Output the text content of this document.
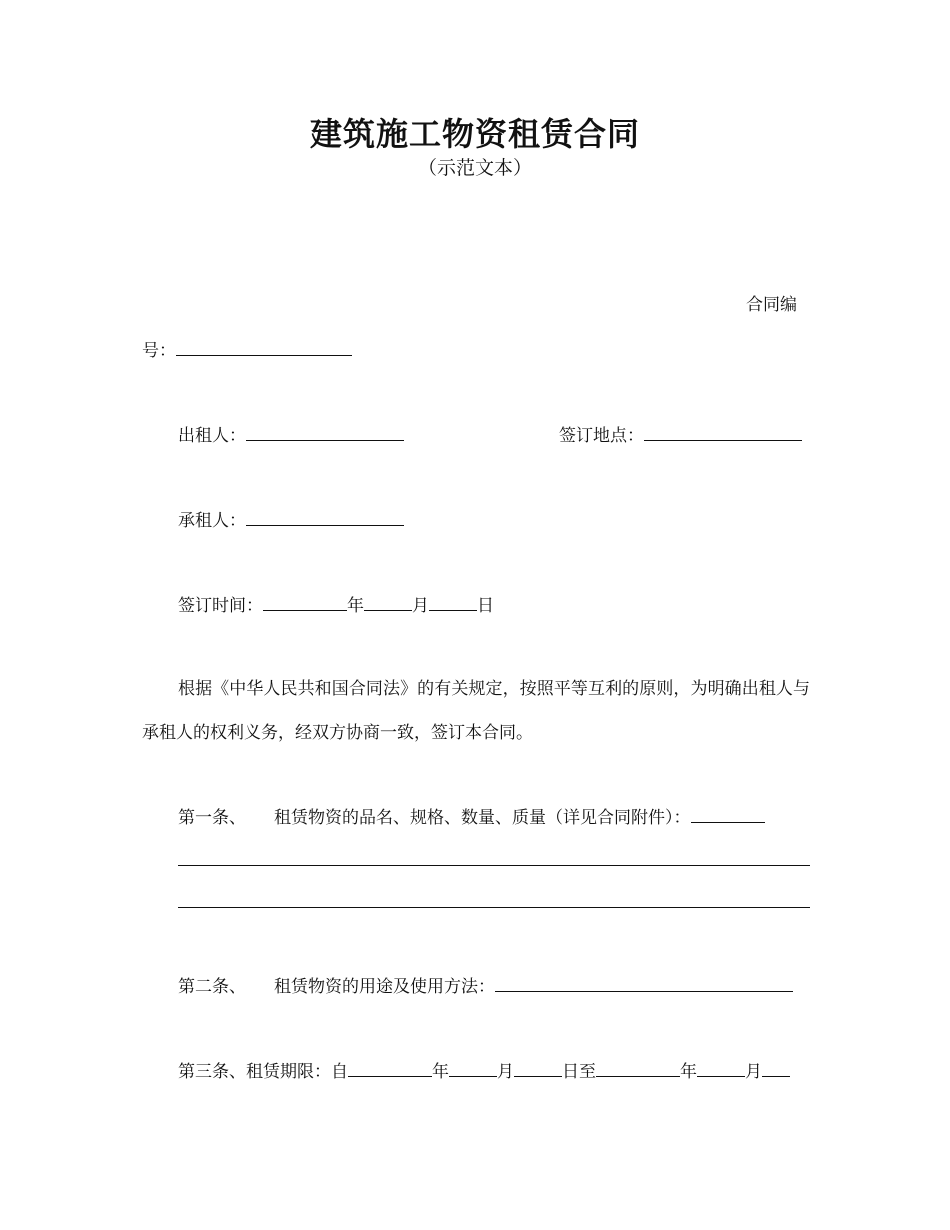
建筑施工物资租赁合同
（示范文本）
合同编
号：
出租人：	签订地点：
承租人：
签订时间：	年	月	日
根据《中华人民共和国合同法》的有关规定，按照平等互利的原则，为明确出租人与承租人的权利义务，经双方协商一致，签订本合同。
第一条、 租赁物资的品名、规格、数量、质量（详见合同附件）：
第二条、 租赁物资的用途及使用方法：
第三条、租赁期限：自	年	月	日至	年	月
